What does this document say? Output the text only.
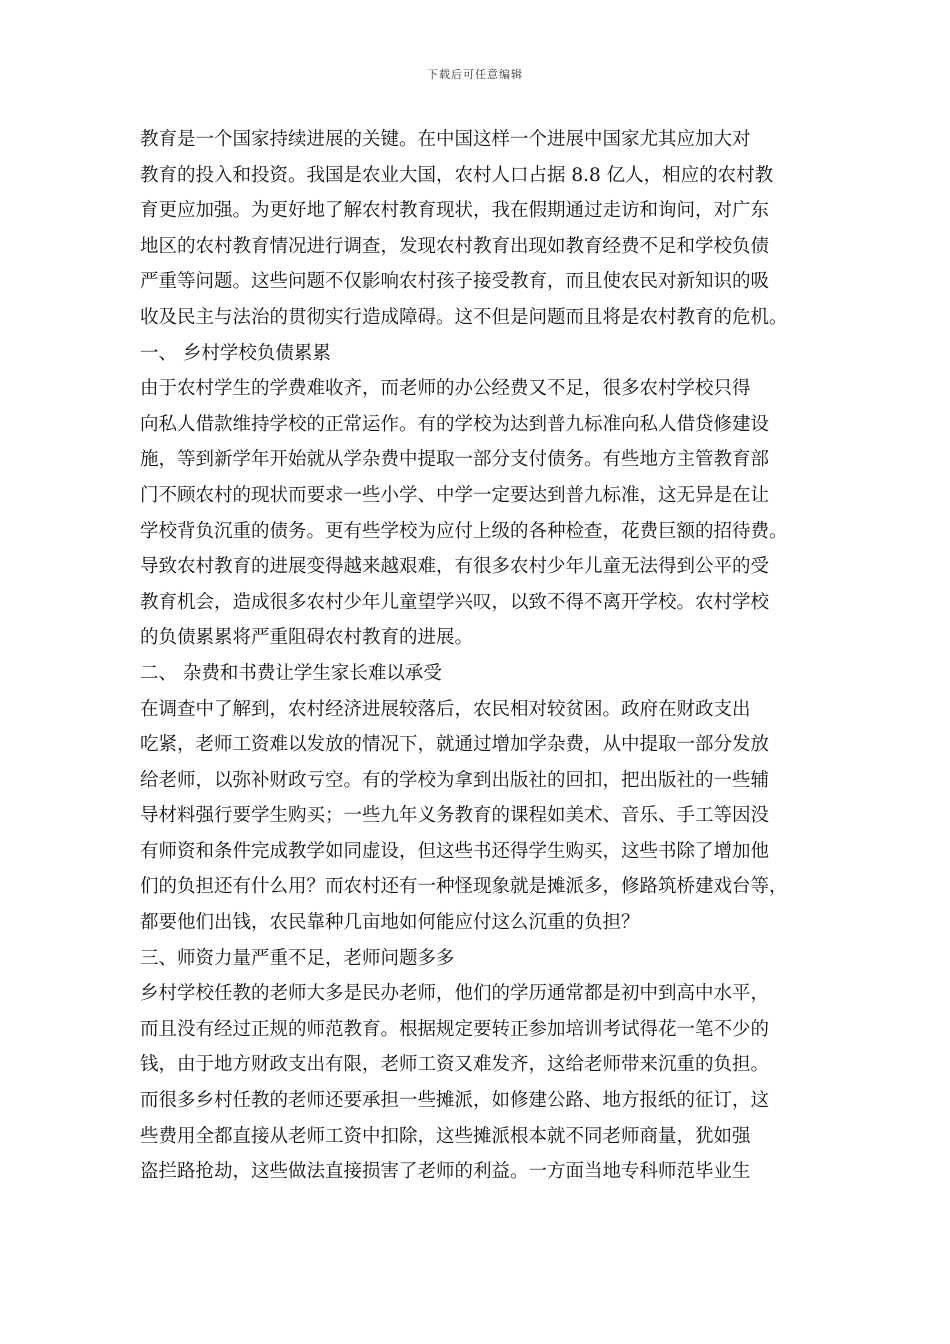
下载后可任意编辑
教育是一个国家持续进展的关键。在中国这样一个进展中国家尤其应加大对
教育的投入和投资。我国是农业大国，农村人口占据 8.8 亿人，相应的农村教
育更应加强。为更好地了解农村教育现状，我在假期通过走访和询问，对广东
地区的农村教育情况进行调查，发现农村教育出现如教育经费不足和学校负债
严重等问题。这些问题不仅影响农村孩子接受教育，而且使农民对新知识的吸
收及民主与法治的贯彻实行造成障碍。这不但是问题而且将是农村教育的危机。
一、 乡村学校负债累累
由于农村学生的学费难收齐，而老师的办公经费又不足，很多农村学校只得
向私人借款维持学校的正常运作。有的学校为达到普九标准向私人借贷修建设
施，等到新学年开始就从学杂费中提取一部分支付债务。有些地方主管教育部
门不顾农村的现状而要求一些小学、中学一定要达到普九标准，这无异是在让
学校背负沉重的债务。更有些学校为应付上级的各种检查，花费巨额的招待费。
导致农村教育的进展变得越来越艰难，有很多农村少年儿童无法得到公平的受
教育机会，造成很多农村少年儿童望学兴叹，以致不得不离开学校。农村学校
的负债累累将严重阻碍农村教育的进展。
二、 杂费和书费让学生家长难以承受
在调查中了解到，农村经济进展较落后，农民相对较贫困。政府在财政支出
吃紧，老师工资难以发放的情况下，就通过增加学杂费，从中提取一部分发放
给老师，以弥补财政亏空。有的学校为拿到出版社的回扣，把出版社的一些辅
导材料强行要学生购买；一些九年义务教育的课程如美术、音乐、手工等因没
有师资和条件完成教学如同虚设，但这些书还得学生购买，这些书除了增加他
们的负担还有什么用？而农村还有一种怪现象就是摊派多，修路筑桥建戏台等，
都要他们出钱，农民靠种几亩地如何能应付这么沉重的负担？
三、师资力量严重不足，老师问题多多
乡村学校任教的老师大多是民办老师，他们的学历通常都是初中到高中水平，
而且没有经过正规的师范教育。根据规定要转正参加培训考试得花一笔不少的
钱，由于地方财政支出有限，老师工资又难发齐，这给老师带来沉重的负担。
而很多乡村任教的老师还要承担一些摊派，如修建公路、地方报纸的征订，这
些费用全都直接从老师工资中扣除，这些摊派根本就不同老师商量，犹如强
盗拦路抢劫，这些做法直接损害了老师的利益。一方面当地专科师范毕业生
